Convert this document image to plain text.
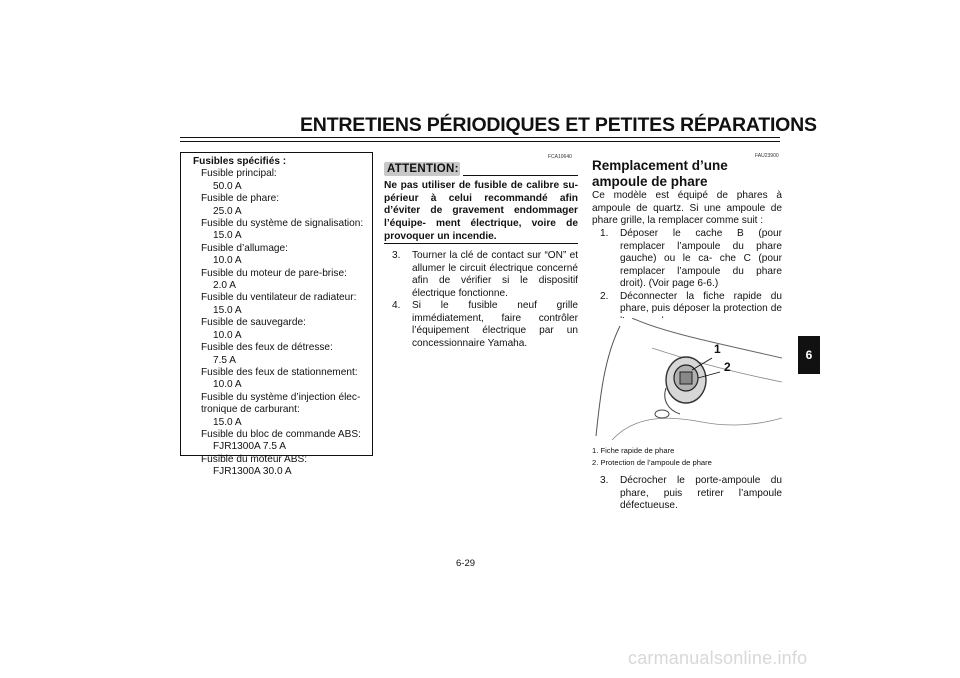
ENTRETIENS PÉRIODIQUES ET PETITES RÉPARATIONS
Fusibles spécifiés :
Fusible principal:
50.0 A
Fusible de phare:
25.0 A
Fusible du système de signalisation:
15.0 A
Fusible d’allumage:
10.0 A
Fusible du moteur de pare-brise:
2.0 A
Fusible du ventilateur de radiateur:
15.0 A
Fusible de sauvegarde:
10.0 A
Fusible des feux de détresse:
7.5 A
Fusible des feux de stationnement:
10.0 A
Fusible du système d’injection élec-
tronique de carburant:
15.0 A
Fusible du bloc de commande ABS:
FJR1300A 7.5 A
Fusible du moteur ABS:
FJR1300A 30.0 A
FCA10640
ATTENTION:
Ne pas utiliser de fusible de calibre su- périeur à celui recommandé afin d’éviter de gravement endommager l’équipe- ment électrique, voire de provoquer un incendie.
3. Tourner la clé de contact sur “ON” et allumer le circuit électrique concerné afin de vérifier si le dispositif électrique fonctionne.
4. Si le fusible neuf grille immédiatement, faire contrôler l’équipement électrique par un concessionnaire Yamaha.
FAU23900
Remplacement d’une ampoule de phare
Ce modèle est équipé de phares à ampoule de quartz. Si une ampoule de phare grille, la remplacer comme suit :
1. Déposer le cache B (pour remplacer l’ampoule du phare gauche) ou le ca- che C (pour remplacer l’ampoule du phare droit). (Voir page 6-6.)
2. Déconnecter la fiche rapide du phare, puis déposer la protection de
1
2
1. Fiche rapide de phare
2. Protection de l’ampoule de phare
3. Décrocher le porte-ampoule du phare, puis retirer l’ampoule défectueuse.
6
6-29
carmanualsonline.info
